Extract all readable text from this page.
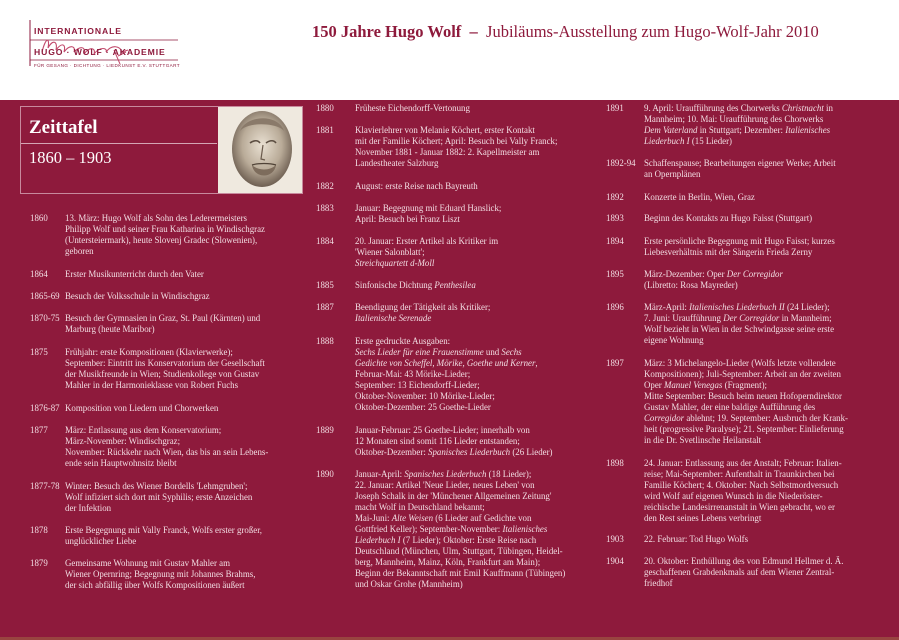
INTERNATIONALE
HUGO · WOLF · AKADEMIE
FÜR GESANG · DICHTUNG · LIEDKUNST E.V. STUTTGART
150 Jahre Hugo Wolf – Jubiläums-Ausstellung zum Hugo-Wolf-Jahr 2010
Zeittafel
1860 – 1903
1860 13. März: Hugo Wolf als Sohn des Lederermeisters
Philipp Wolf und seiner Frau Katharina in Windischgraz
(Untersteiermark), heute Slovenj Gradec (Slowenien),
geboren
1864 Erster Musikunterricht durch den Vater
1865-69 Besuch der Volksschule in Windischgraz
1870-75 Besuch der Gymnasien in Graz, St. Paul (Kärnten) und
Marburg (heute Maribor)
1875 Frühjahr: erste Kompositionen (Klavierwerke);
September: Eintritt ins Konservatorium der Gesellschaft
der Musikfreunde in Wien; Studienkollege von Gustav
Mahler in der Harmonieklasse von Robert Fuchs
1876-87 Komposition von Liedern und Chorwerken
1877 März: Entlassung aus dem Konservatorium;
März-November: Windischgraz;
November: Rückkehr nach Wien, das bis an sein Lebens-
ende sein Hauptwohnsitz bleibt
1877-78 Winter: Besuch des Wiener Bordells 'Lehmgruben';
Wolf infiziert sich dort mit Syphilis; erste Anzeichen
der Infektion
1878 Erste Begegnung mit Vally Franck, Wolfs erster großer,
unglücklicher Liebe
1879 Gemeinsame Wohnung mit Gustav Mahler am
Wiener Opernring; Begegnung mit Johannes Brahms,
der sich abfällig über Wolfs Kompositionen äußert
1880 Früheste Eichendorff-Vertonung
1881 Klavierlehrer von Melanie Köchert, erster Kontakt
mit der Familie Köchert; April: Besuch bei Vally Franck;
November 1881 - Januar 1882: 2. Kapellmeister am
Landestheater Salzburg
1882 August: erste Reise nach Bayreuth
1883 Januar: Begegnung mit Eduard Hanslick;
April: Besuch bei Franz Liszt
1884 20. Januar: Erster Artikel als Kritiker im
'Wiener Salonblatt';
Streichquartett d-Moll
1885 Sinfonische Dichtung Penthesilea
1887 Beendigung der Tätigkeit als Kritiker;
Italienische Serenade
1888 Erste gedruckte Ausgaben:
Sechs Lieder für eine Frauenstimme und Sechs
Gedichte von Scheffel, Mörike, Goethe und Kerner,
Februar-Mai: 43 Mörike-Lieder;
September: 13 Eichendorff-Lieder;
Oktober-November: 10 Mörike-Lieder;
Oktober-Dezember: 25 Goethe-Lieder
1889 Januar-Februar: 25 Goethe-Lieder; innerhalb von
12 Monaten sind somit 116 Lieder entstanden;
Oktober-Dezember: Spanisches Liederbuch (26 Lieder)
1890 Januar-April: Spanisches Liederbuch (18 Lieder);
22. Januar: Artikel 'Neue Lieder, neues Leben' von
Joseph Schalk in der 'Münchener Allgemeinen Zeitung'
macht Wolf in Deutschland bekannt;
Mai-Juni: Alte Weisen (6 Lieder auf Gedichte von
Gottfried Keller); September-November: Italienisches
Liederbuch I (7 Lieder); Oktober: Erste Reise nach
Deutschland (München, Ulm, Stuttgart, Tübingen, Heidel-
berg, Mannheim, Mainz, Köln, Frankfurt am Main);
Beginn der Bekanntschaft mit Emil Kauffmann (Tübingen)
und Oskar Grohe (Mannheim)
1891 9. April: Uraufführung des Chorwerks Christnacht in
Mannheim; 10. Mai: Uraufführung des Chorwerks
Dem Vaterland in Stuttgart; Dezember: Italienisches
Liederbuch I (15 Lieder)
1892-94 Schaffenspause; Bearbeitungen eigener Werke; Arbeit
an Opernplänen
1892 Konzerte in Berlin, Wien, Graz
1893 Beginn des Kontakts zu Hugo Faisst (Stuttgart)
1894 Erste persönliche Begegnung mit Hugo Faisst; kurzes
Liebesverhältnis mit der Sängerin Frieda Zerny
1895 März-Dezember: Oper Der Corregidor
(Libretto: Rosa Mayreder)
1896 März-April: Italienisches Liederbuch II (24 Lieder);
7. Juni: Uraufführung Der Corregidor in Mannheim;
Wolf bezieht in Wien in der Schwindgasse seine erste
eigene Wohnung
1897 März: 3 Michelangelo-Lieder (Wolfs letzte vollendete
Kompositionen); Juli-September: Arbeit an der zweiten
Oper Manuel Venegas (Fragment);
Mitte September: Besuch beim neuen Hofoperndirektor
Gustav Mahler, der eine baldige Aufführung des
Corregidor ablehnt; 19. September: Ausbruch der Krank-
heit (progressive Paralyse); 21. September: Einlieferung
in die Dr. Svetlinsche Heilanstalt
1898 24. Januar: Entlassung aus der Anstalt; Februar: Italien-
reise; Mai-September: Aufenthalt in Traunkirchen bei
Familie Köchert; 4. Oktober: Nach Selbstmordversuch
wird Wolf auf eigenen Wunsch in die Niederöster-
reichische Landesirrenanstalt in Wien gebracht, wo er
den Rest seines Lebens verbringt
1903 22. Februar: Tod Hugo Wolfs
1904 20. Oktober: Enthüllung des von Edmund Hellmer d. Ä.
geschaffenen Grabdenkmals auf dem Wiener Zentral-
friedhof
